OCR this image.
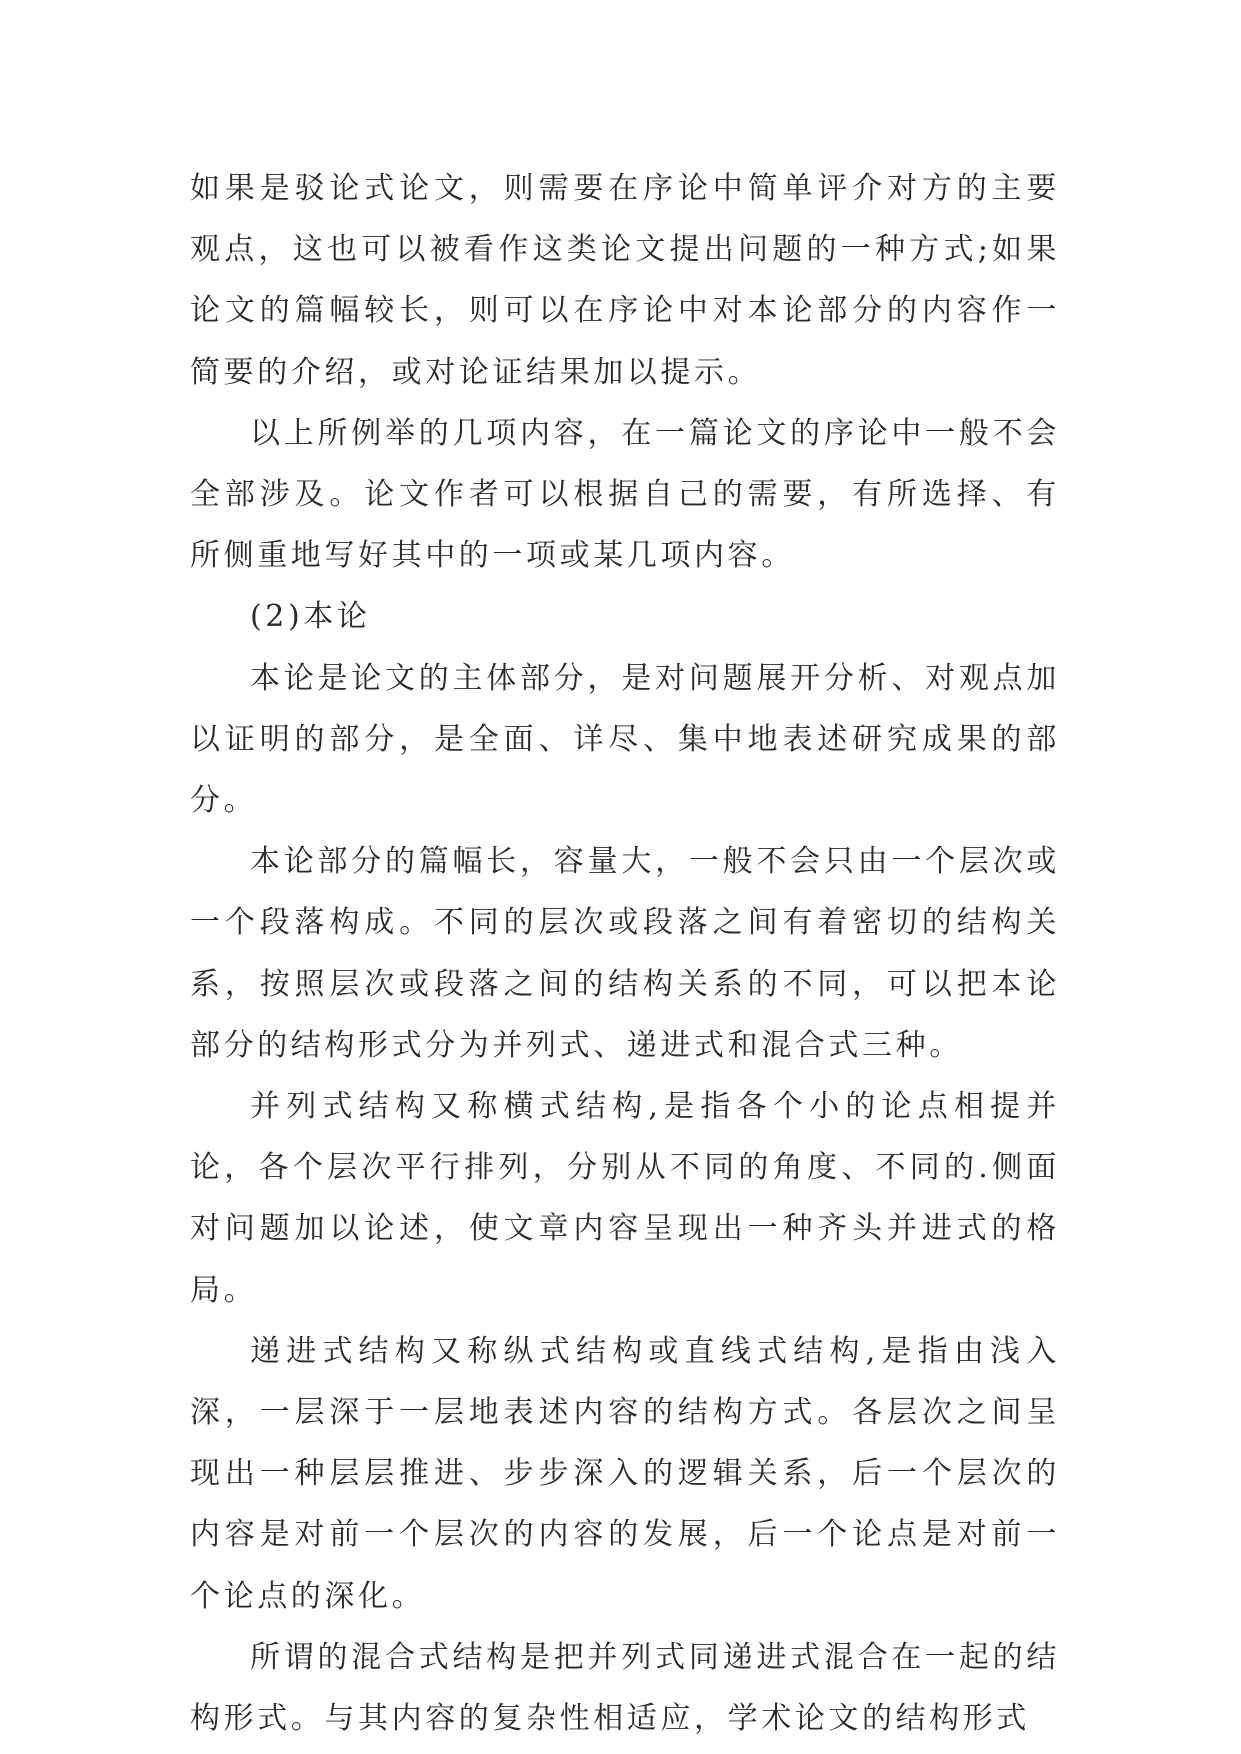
如果是驳论式论文，则需要在序论中简单评介对方的主要观点，这也可以被看作这类论文提出问题的一种方式;如果论文的篇幅较长，则可以在序论中对本论部分的内容作一简要的介绍，或对论证结果加以提示。

以上所例举的几项内容，在一篇论文的序论中一般不会全部涉及。论文作者可以根据自己的需要，有所选择、有所侧重地写好其中的一项或某几项内容。

(2)本论

本论是论文的主体部分，是对问题展开分析、对观点加以证明的部分，是全面、详尽、集中地表述研究成果的部分。

本论部分的篇幅长，容量大，一般不会只由一个层次或一个段落构成。不同的层次或段落之间有着密切的结构关系，按照层次或段落之间的结构关系的不同，可以把本论部分的结构形式分为并列式、递进式和混合式三种。

并列式结构又称横式结构,是指各个小的论点相提并论，各个层次平行排列，分别从不同的角度、不同的.侧面对问题加以论述，使文章内容呈现出一种齐头并进式的格局。

递进式结构又称纵式结构或直线式结构,是指由浅入深，一层深于一层地表述内容的结构方式。各层次之间呈现出一种层层推进、步步深入的逻辑关系，后一个层次的内容是对前一个层次的内容的发展，后一个论点是对前一个论点的深化。

所谓的混合式结构是把并列式同递进式混合在一起的结构形式。与其内容的复杂性相适应，学术论文的结构形式
